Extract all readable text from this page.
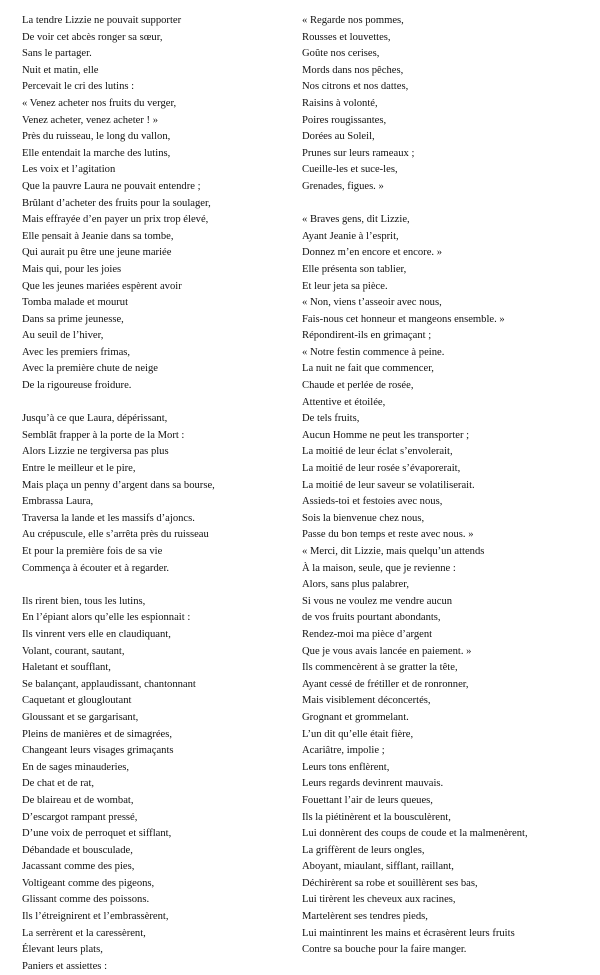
La tendre Lizzie ne pouvait supporter
De voir cet abcès ronger sa sœur,
Sans le partager.
Nuit et matin, elle
Percevait le cri des lutins :
« Venez acheter nos fruits du verger,
Venez acheter, venez acheter ! »
Près du ruisseau, le long du vallon,
Elle entendait la marche des lutins,
Les voix et l’agitation
Que la pauvre Laura ne pouvait entendre ;
Brûlant d’acheter des fruits pour la soulager,
Mais effrayée d’en payer un prix trop élevé,
Elle pensait à Jeanie dans sa tombe,
Qui aurait pu être une jeune mariée
Mais qui, pour les joies
Que les jeunes mariées espèrent avoir
Tomba malade et mourut
Dans sa prime jeunesse,
Au seuil de l’hiver,
Avec les premiers frimas,
Avec la première chute de neige
De la rigoureuse froidure.
Jusqu’à ce que Laura, dépérissant,
Semblât frapper à la porte de la Mort :
Alors Lizzie ne tergiversa pas plus
Entre le meilleur et le pire,
Mais plaça un penny d’argent dans sa bourse,
Embrassa Laura,
Traversa la lande et les massifs d’ajoncs.
Au crépuscule, elle s’arrêta près du ruisseau
Et pour la première fois de sa vie
Commença à écouter et à regarder.
Ils rirent bien, tous les lutins,
En l’épiant alors qu’elle les espionnait :
Ils vinrent vers elle en claudiquant,
Volant, courant, sautant,
Haletant et soufflant,
Se balançant, applaudissant, chantonnant
Caquetant et glougloutant
Gloussant et se gargarisant,
Pleins de manières et de simagrées,
Changeant leurs visages grimaçants
En de sages minauderies,
De chat et de rat,
De blaireau et de wombat,
D’escargot rampant pressé,
D’une voix de perroquet et sifflant,
Débandade et bousculade,
Jacassant comme des pies,
Voltigeant comme des pigeons,
Glissant comme des poissons.
Ils l’étreignirent et l’embrassèrent,
La serrèrent et la caressèrent,
Élevant leurs plats,
Paniers et assiettes :
« Regarde nos pommes,
Rousses et louvettes,
Goûte nos cerises,
Mords dans nos pêches,
Nos citrons et nos dattes,
Raisins à volonté,
Poires rougissantes,
Dorées au Soleil,
Prunes sur leurs rameaux ;
Cueille-les et suce-les,
Grenades, figues. »
« Braves gens, dit Lizzie,
Ayant Jeanie à l’esprit,
Donnez m’en encore et encore. »
Elle présenta son tablier,
Et leur jeta sa pièce.
« Non, viens t’asseoir avec nous,
Fais-nous cet honneur et mangeons ensemble. »
Répondirent-ils en grimaçant ;
« Notre festin commence à peine.
La nuit ne fait que commencer,
Chaude et perlée de rosée,
Attentive et étoilée,
De tels fruits,
Aucun Homme ne peut les transporter ;
La moitié de leur éclat s’envolerait,
La moitié de leur rosée s’évaporerait,
La moitié de leur saveur se volatiliserait.
Assieds-toi et festoies avec nous,
Sois la bienvenue chez nous,
Passe du bon temps et reste avec nous. »
« Merci, dit Lizzie, mais quelqu’un attends
À la maison, seule, que je revienne :
Alors, sans plus palabrer,
Si vous ne voulez me vendre aucun
de vos fruits pourtant abondants,
Rendez-moi ma pièce d’argent
Que je vous avais lancée en paiement. »
Ils commencèrent à se gratter la tête,
Ayant cessé de frétiller et de ronronner,
Mais visiblement déconcertés,
Grognant et grommelant.
L’un dit qu’elle était fière,
Acariâtre, impolie ;
Leurs tons enflèrent,
Leurs regards devinrent mauvais.
Fouettant l’air de leurs queues,
Ils la piétinèrent et la bousculèrent,
Lui donnèrent des coups de coude et la malmenèrent,
La griffèrent de leurs ongles,
Aboyant, miaulant, sifflant, raillant,
Déchirèrent sa robe et souillèrent ses bas,
Lui tirèrent les cheveux aux racines,
Martelèrent ses tendres pieds,
Lui maintinrent les mains et écrasèrent leurs fruits
Contre sa bouche pour la faire manger.
